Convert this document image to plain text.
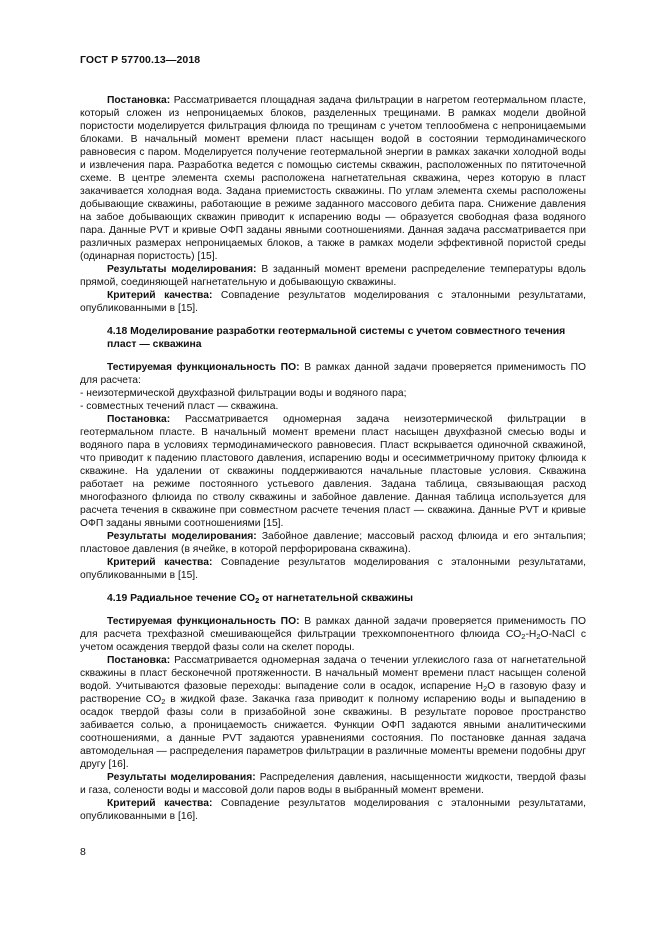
ГОСТ Р 57700.13—2018

Постановка: Рассматривается площадная задача фильтрации в нагретом геотермальном пласте, который сложен из непроницаемых блоков, разделенных трещинами. В рамках модели двойной пористости моделируется фильтрация флюида по трещинам с учетом теплообмена с непроницаемыми блоками. В начальный момент времени пласт насыщен водой в состоянии термодинамического равновесия с паром. Моделируется получение геотермальной энергии в рамках закачки холодной воды и извлечения пара. Разработка ведется с помощью системы скважин, расположенных по пятиточечной схеме. В центре элемента схемы расположена нагнетательная скважина, через которую в пласт закачивается холодная вода. Задана приемистость скважины. По углам элемента схемы расположены добывающие скважины, работающие в режиме заданного массового дебита пара. Снижение давления на забое добывающих скважин приводит к испарению воды — образуется свободная фаза водяного пара. Данные PVT и кривые ОФП заданы явными соотношениями. Данная задача рассматривается при различных размерах непроницаемых блоков, а также в рамках модели эффективной пористой среды (одинарная пористость) [15].

Результаты моделирования: В заданный момент времени распределение температуры вдоль прямой, соединяющей нагнетательную и добывающую скважины.

Критерий качества: Совпадение результатов моделирования с эталонными результатами, опубликованными в [15].

4.18 Моделирование разработки геотермальной системы с учетом совместного течения пласт — скважина

Тестируемая функциональность ПО: В рамках данной задачи проверяется применимость ПО для расчета:

- неизотермической двухфазной фильтрации воды и водяного пара;
- совместных течений пласт — скважина.

Постановка: Рассматривается одномерная задача неизотермической фильтрации в геотермальном пласте. В начальный момент времени пласт насыщен двухфазной смесью воды и водяного пара в условиях термодинамического равновесия. Пласт вскрывается одиночной скважиной, что приводит к падению пластового давления, испарению воды и осесимметричному притоку флюида к скважине. На удалении от скважины поддерживаются начальные пластовые условия. Скважина работает на режиме постоянного устьевого давления. Задана таблица, связывающая расход многофазного флюида по стволу скважины и забойное давление. Данная таблица используется для расчета течения в скважине при совместном расчете течения пласт — скважина. Данные PVT и кривые ОФП заданы явными соотношениями [15].

Результаты моделирования: Забойное давление; массовый расход флюида и его энтальпия; пластовое давления (в ячейке, в которой перфорирована скважина).

Критерий качества: Совпадение результатов моделирования с эталонными результатами, опубликованными в [15].

4.19 Радиальное течение $CO_2$ от нагнетательной скважины

Тестируемая функциональность ПО: В рамках данной задачи проверяется применимость ПО для расчета трехфазной смешивающейся фильтрации трехкомпонентного флюида $CO_2-H_2O$-NaCl с учетом осаждения твердой фазы соли на скелет породы.

Постановка: Рассматривается одномерная задача о течении углекислого газа от нагнетательной скважины в пласт бесконечной протяженности. В начальный момент времени пласт насыщен соленой водой. Учитываются фазовые переходы: выпадение соли в осадок, испарение $H_2O$ в газовую фазу и растворение $CO_2$ в жидкой фазе. Закачка газа приводит к полному испарению воды и выпадению в осадок твердой фазы соли в призабойной зоне скважины. В результате поровое пространство забивается солью, а проницаемость снижается. Функции ОФП задаются явными аналитическими соотношениями, а данные PVT задаются уравнениями состояния. По постановке данная задача автомодельная — распределения параметров фильтрации в различные моменты времени подобны друг другу [16].

Результаты моделирования: Распределения давления, насыщенности жидкости, твердой фазы и газа, солености воды и массовой доли паров воды в выбранный момент времени.

Критерий качества: Совпадение результатов моделирования с эталонными результатами, опубликованными в [16].

8
